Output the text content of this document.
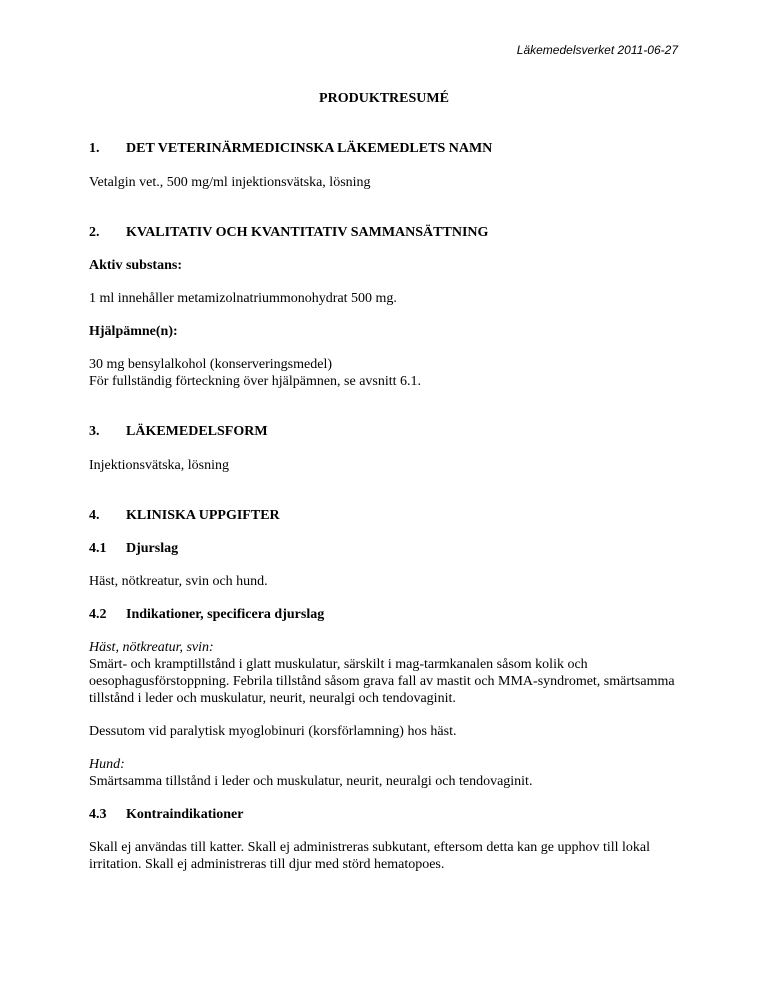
Läkemedelsverket 2011-06-27
PRODUKTRESUMÉ
1.	DET VETERINÄRMEDICINSKA LÄKEMEDLETS NAMN

Vetalgin vet., 500 mg/ml injektionsvätska, lösning

2.	KVALITATIV OCH KVANTITATIV SAMMANSÄTTNING

Aktiv substans:

1 ml innehåller metamizolnatriummonohydrat 500 mg.

Hjälpämne(n):

30 mg bensylalkohol (konserveringsmedel)

För fullständig förteckning över hjälpämnen, se avsnitt 6.1.

3.	LÄKEMEDELSFORM

Injektionsvätska, lösning

4.	KLINISKA UPPGIFTER
4.1	Djurslag

Häst, nötkreatur, svin och hund.

4.2	Indikationer, specificera djurslag

Häst, nötkreatur, svin:

Smärt- och kramptillstånd i glatt muskulatur, särskilt i mag-tarmkanalen såsom kolik och oesophagusförstoppning. Febrila tillstånd såsom grava fall av mastit och MMA-syndromet, smärtsamma tillstånd i leder och muskulatur, neurit, neuralgi och tendovaginit.

Dessutom vid paralytisk myoglobinuri (korsförlamning) hos häst.

Hund:

Smärtsamma tillstånd i leder och muskulatur, neurit, neuralgi och tendovaginit.

4.3	Kontraindikationer

Skall ej användas till katter. Skall ej administreras subkutant, eftersom detta kan ge upphov till lokal irritation. Skall ej administreras till djur med störd hematopoes.
